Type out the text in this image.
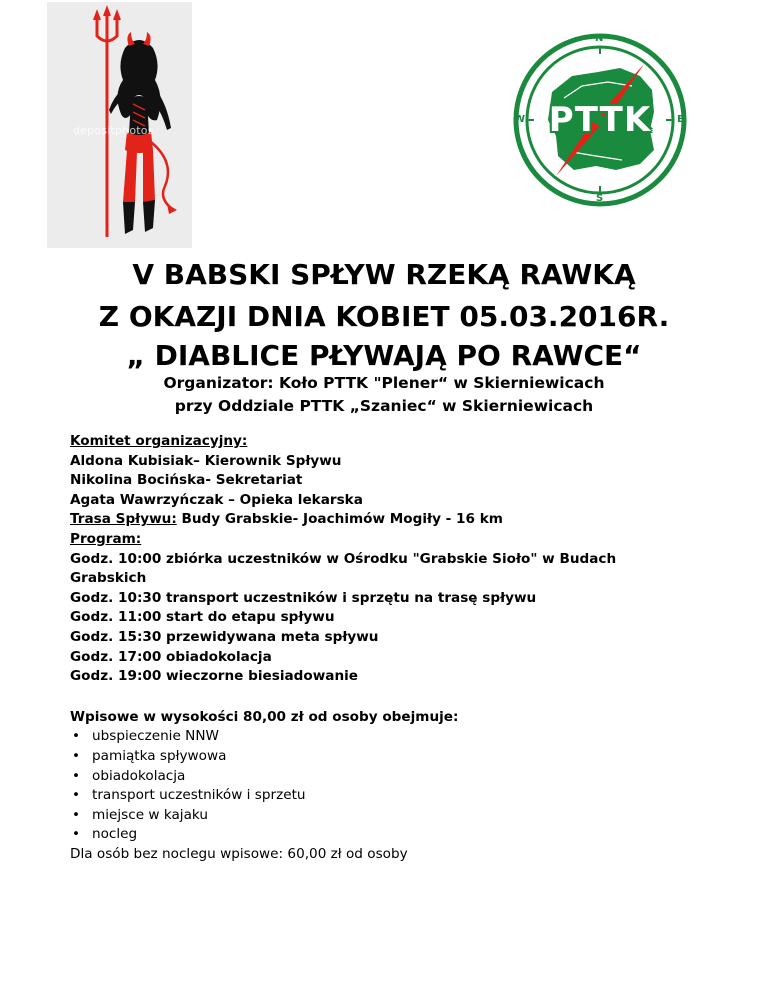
depositphotos	PTTK
N
S
W	E
V BABSKI SPŁYW RZEKĄ RAWKĄ
Z OKAZJI DNIA KOBIET 05.03.2016R.
„ DIABLICE PŁYWAJĄ PO RAWCE“
Organizator: Koło PTTK "Plener“ w Skierniewicach
przy Oddziale PTTK „Szaniec“ w Skierniewicach
Komitet organizacyjny:
Aldona Kubisiak– Kierownik Spływu
Nikolina Bocińska- Sekretariat
Agata Wawrzyńczak – Opieka lekarska
Trasa Spływu: Budy Grabskie- Joachimów Mogiły - 16 km
Program:
Godz. 10:00 zbiórka uczestników w Ośrodku "Grabskie Sioło" w Budach
Grabskich
Godz. 10:30 transport uczestników i sprzętu na trasę spływu
Godz. 11:00 start do etapu spływu
Godz. 15:30 przewidywana meta spływu
Godz. 17:00 obiadokolacja
Godz. 19:00 wieczorne biesiadowanie
Wpisowe w wysokości 80,00 zł od osoby obejmuje:
• ubspieczenie NNW
• pamiątka spływowa
• obiadokolacja
• transport uczestników i sprzetu
• miejsce w kajaku
• nocleg
Dla osób bez noclegu wpisowe: 60,00 zł od osoby
